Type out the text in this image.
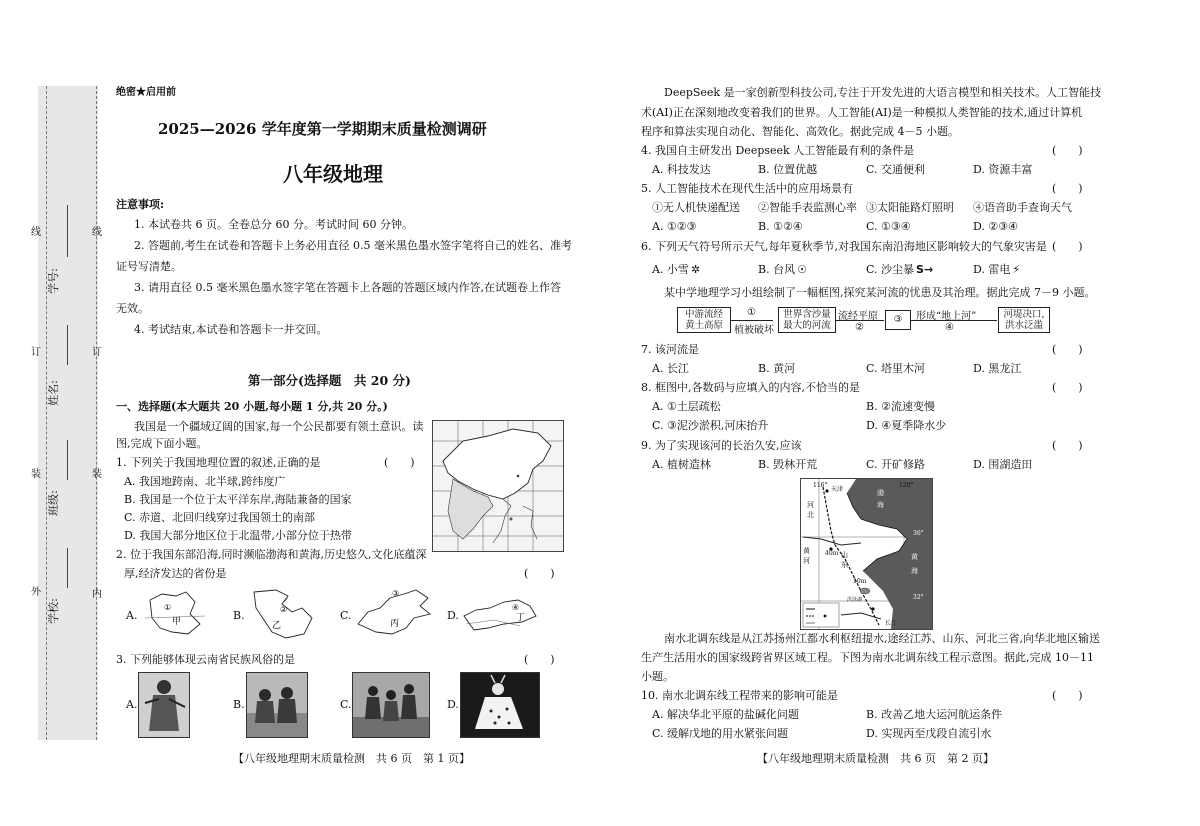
外
装
订
线
内
装
订
线
学校:
班级:
姓名:
学号:
绝密★启用前
2025—2026 学年度第一学期期末质量检测调研
八年级地理
注意事项:
1. 本试卷共 6 页。全卷总分 60 分。考试时间 60 分钟。
2. 答题前,考生在试卷和答题卡上务必用直径 0.5 毫米黑色墨水签字笔将自己的姓名、准考
证号写清楚。
3. 请用直径 0.5 毫米黑色墨水签字笔在答题卡上各题的答题区域内作答,在试题卷上作答
无效。
4. 考试结束,本试卷和答题卡一并交回。
第一部分(选择题　共 20 分)
一、选择题(本大题共 20 小题,每小题 1 分,共 20 分。)
我国是一个疆域辽阔的国家,每一个公民都要有领土意识。读
图,完成下面小题。
1. 下列关于我国地理位置的叙述,正确的是	(　　)
A. 我国地跨南、北半球,跨纬度广
B. 我国是一个位于太平洋东岸,海陆兼备的国家
C. 赤道、北回归线穿过我国领土的南部
D. 我国大部分地区位于北温带,小部分位于热带
2. 位于我国东部沿海,同时濒临渤海和黄海,历史悠久,文化底蕴深
厚,经济发达的省份是	(　　)
A.
①
甲	B.	②
乙
C.
③
丙
D.
④
丁
3. 下列能够体现云南省民族风俗的是	(　　)
A.	B.	C.	D.
【八年级地理期末质量检测　共 6 页　第 1 页】
DeepSeek 是一家创新型科技公司,专注于开发先进的大语言模型和相关技术。人工智能技
术(AI)正在深刻地改变着我们的世界。人工智能(AI)是一种模拟人类智能的技术,通过计算机
程序和算法实现自动化、智能化、高效化。据此完成 4－5 小题。
4. 我国自主研发出 Deepseek 人工智能最有利的条件是	(　　)
A. 科技发达	B. 位置优越	C. 交通便利	D. 资源丰富
5. 人工智能技术在现代生活中的应用场景有	(　　)
①无人机快递配送 ②智能手表监测心率 ③太阳能路灯照明 ④语音助手查询天气
A. ①②③	B. ①②④	C. ①③④	D. ②③④
6. 下列天气符号所示天气,每年夏秋季节,对我国东南沿海地区影响较大的气象灾害是 (　　)
A. 小雪 ✲	B. 台风 ☉	C. 沙尘暴 S→	D. 雷电 ⚡
某中学地理学习小组绘制了一幅框图,探究某河流的忧患及其治理。据此完成 7－9 小题。
中游流经
黄土高原
①
植被破坏
世界含沙量
最大的河流
流经平原
②
③	形成“地上河”
④
河堤决口,
洪水泛滥
7. 该河流是	(　　)
A. 长江	B. 黄河	C. 塔里木河	D. 黑龙江
8. 框图中,各数码与应填入的内容,不恰当的是	(　　)
A. ①土层疏松	B. ②流速变慢
C. ③泥沙淤积,河床抬升	D. ④夏季降水少
9. 为了实现该河的长治久安,应该	(　　)
A. 植树造林	B. 毁林开荒	C. 开矿修路	D. 围湖造田
116°	120°
36°
32°
天津	渤
海
河
北
山
东
黄
海
黄
河
40m
10m
洪泽湖
长江
南水北调东线是从江苏扬州江都水利枢纽提水,途经江苏、山东、河北三省,向华北地区输送
生产生活用水的国家级跨省界区域工程。下图为南水北调东线工程示意图。据此,完成 10－11
小题。
10. 南水北调东线工程带来的影响可能是	(　　)
A. 解决华北平原的盐碱化问题	B. 改善乙地大运河航运条件
C. 缓解戊地的用水紧张问题	D. 实现丙至戊段自流引水
【八年级地理期末质量检测　共 6 页　第 2 页】
